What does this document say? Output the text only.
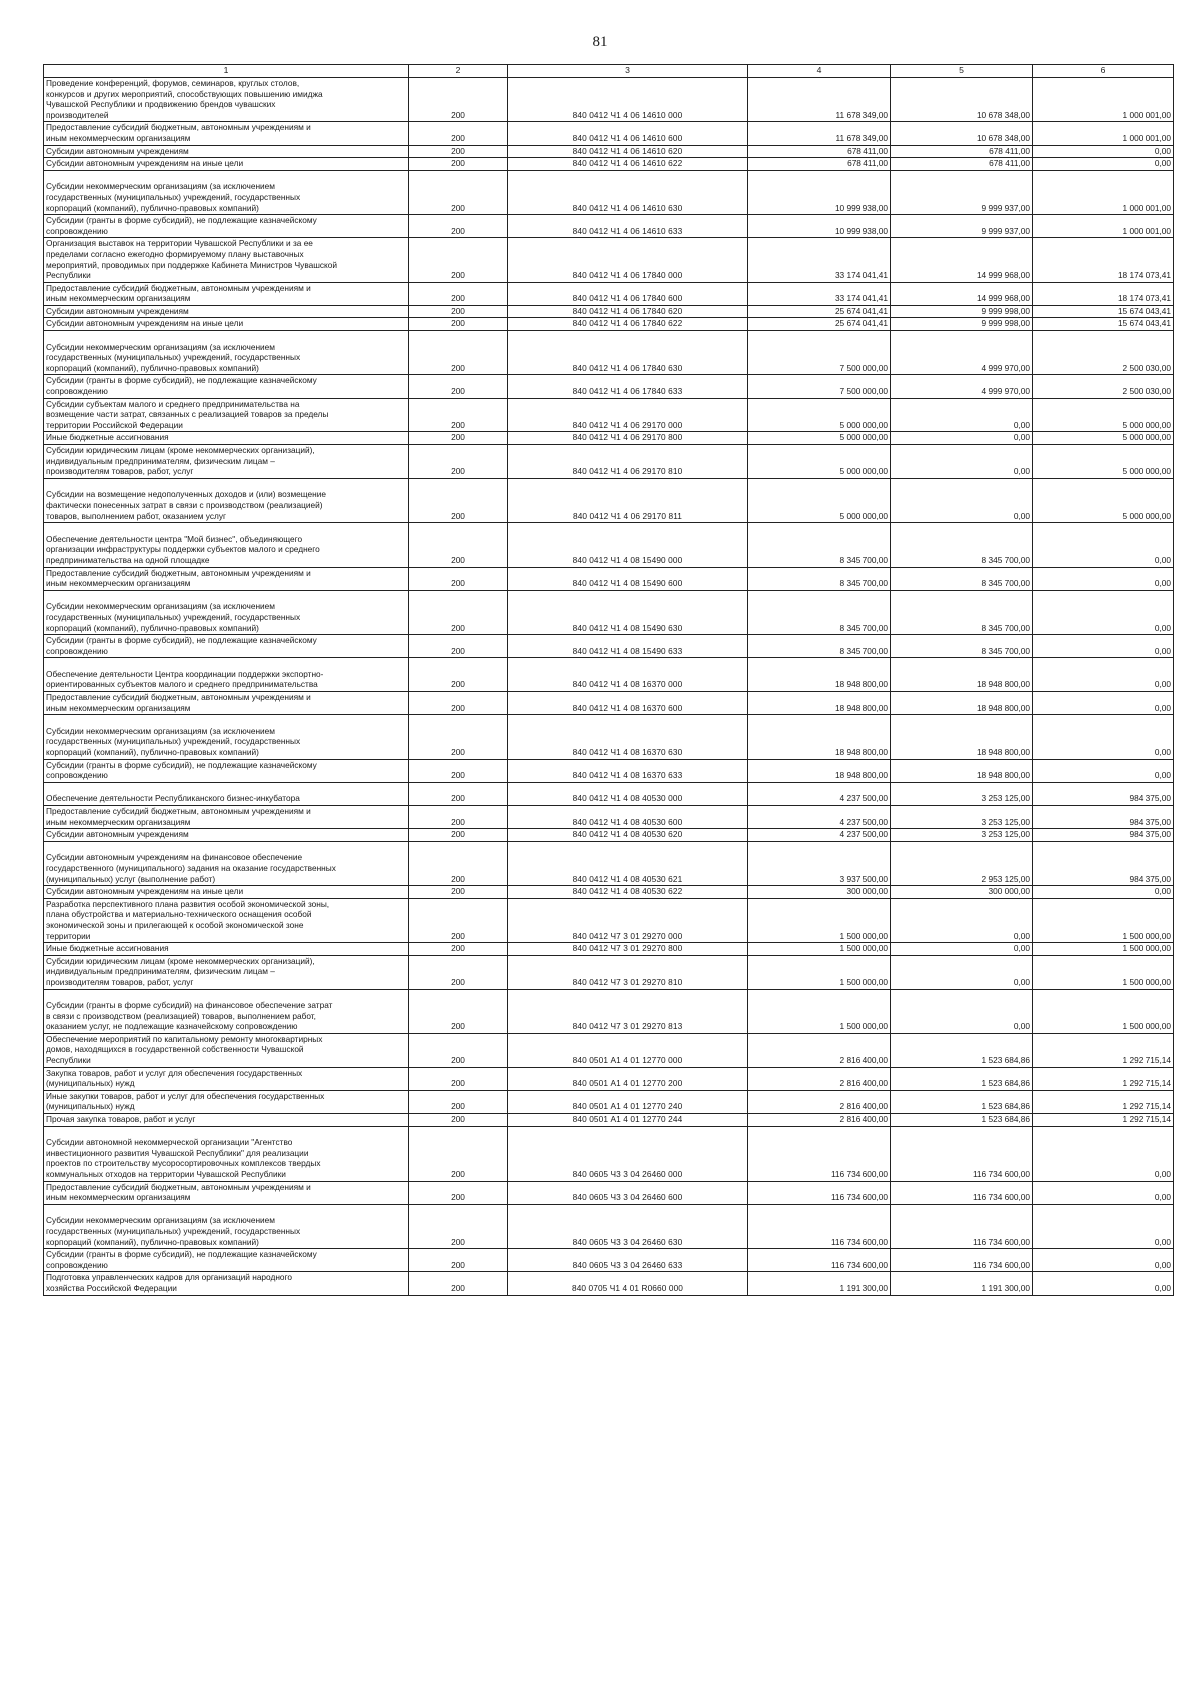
81
1	2	3	4	5	6
Проведение конференций, форумов, семинаров, круглых столов,
конкурсов и других мероприятий, способствующих повышению имиджа
Чувашской Республики и продвижению брендов чувашских
производителей	200	840 0412 Ч1 4 06 14610 000	11 678 349,00	10 678 348,00	1 000 001,00
Предоставление субсидий бюджетным, автономным учреждениям и
иным некоммерческим организациям	200	840 0412 Ч1 4 06 14610 600	11 678 349,00	10 678 348,00	1 000 001,00
Субсидии автономным учреждениям	200	840 0412 Ч1 4 06 14610 620	678 411,00	678 411,00	0,00
Субсидии автономным учреждениям на иные цели	200	840 0412 Ч1 4 06 14610 622	678 411,00	678 411,00	0,00

Субсидии некоммерческим организациям (за исключением
государственных (муниципальных) учреждений, государственных
корпораций (компаний), публично-правовых компаний)	200	840 0412 Ч1 4 06 14610 630	10 999 938,00	9 999 937,00	1 000 001,00
Субсидии (гранты в форме субсидий), не подлежащие казначейскому
сопровождению	200	840 0412 Ч1 4 06 14610 633	10 999 938,00	9 999 937,00	1 000 001,00
Организация выставок на территории Чувашской Республики и за ее
пределами согласно ежегодно формируемому плану выставочных
мероприятий, проводимых при поддержке Кабинета Министров Чувашской
Республики	200	840 0412 Ч1 4 06 17840 000	33 174 041,41	14 999 968,00	18 174 073,41
Предоставление субсидий бюджетным, автономным учреждениям и
иным некоммерческим организациям	200	840 0412 Ч1 4 06 17840 600	33 174 041,41	14 999 968,00	18 174 073,41
Субсидии автономным учреждениям	200	840 0412 Ч1 4 06 17840 620	25 674 041,41	9 999 998,00	15 674 043,41
Субсидии автономным учреждениям на иные цели	200	840 0412 Ч1 4 06 17840 622	25 674 041,41	9 999 998,00	15 674 043,41

Субсидии некоммерческим организациям (за исключением
государственных (муниципальных) учреждений, государственных
корпораций (компаний), публично-правовых компаний)	200	840 0412 Ч1 4 06 17840 630	7 500 000,00	4 999 970,00	2 500 030,00
Субсидии (гранты в форме субсидий), не подлежащие казначейскому
сопровождению	200	840 0412 Ч1 4 06 17840 633	7 500 000,00	4 999 970,00	2 500 030,00
Субсидии субъектам малого и среднего предпринимательства на
возмещение части затрат, связанных с реализацией товаров за пределы
территории Российской Федерации	200	840 0412 Ч1 4 06 29170 000	5 000 000,00	0,00	5 000 000,00
Иные бюджетные ассигнования	200	840 0412 Ч1 4 06 29170 800	5 000 000,00	0,00	5 000 000,00
Субсидии юридическим лицам (кроме некоммерческих организаций),
индивидуальным предпринимателям, физическим лицам –
производителям товаров, работ, услуг	200	840 0412 Ч1 4 06 29170 810	5 000 000,00	0,00	5 000 000,00

Субсидии на возмещение недополученных доходов и (или) возмещение
фактически понесенных затрат в связи с производством (реализацией)
товаров, выполнением работ, оказанием услуг	200	840 0412 Ч1 4 06 29170 811	5 000 000,00	0,00	5 000 000,00

Обеспечение деятельности центра "Мой бизнес", объединяющего
организации инфраструктуры поддержки субъектов малого и среднего
предпринимательства на одной площадке	200	840 0412 Ч1 4 08 15490 000	8 345 700,00	8 345 700,00	0,00
Предоставление субсидий бюджетным, автономным учреждениям и
иным некоммерческим организациям	200	840 0412 Ч1 4 08 15490 600	8 345 700,00	8 345 700,00	0,00

Субсидии некоммерческим организациям (за исключением
государственных (муниципальных) учреждений, государственных
корпораций (компаний), публично-правовых компаний)	200	840 0412 Ч1 4 08 15490 630	8 345 700,00	8 345 700,00	0,00
Субсидии (гранты в форме субсидий), не подлежащие казначейскому
сопровождению	200	840 0412 Ч1 4 08 15490 633	8 345 700,00	8 345 700,00	0,00

Обеспечение деятельности Центра координации поддержки экспортно-
ориентированных субъектов малого и среднего предпринимательства	200	840 0412 Ч1 4 08 16370 000	18 948 800,00	18 948 800,00	0,00
Предоставление субсидий бюджетным, автономным учреждениям и
иным некоммерческим организациям	200	840 0412 Ч1 4 08 16370 600	18 948 800,00	18 948 800,00	0,00

Субсидии некоммерческим организациям (за исключением
государственных (муниципальных) учреждений, государственных
корпораций (компаний), публично-правовых компаний)	200	840 0412 Ч1 4 08 16370 630	18 948 800,00	18 948 800,00	0,00
Субсидии (гранты в форме субсидий), не подлежащие казначейскому
сопровождению	200	840 0412 Ч1 4 08 16370 633	18 948 800,00	18 948 800,00	0,00

Обеспечение деятельности Республиканского бизнес-инкубатора	200	840 0412 Ч1 4 08 40530 000	4 237 500,00	3 253 125,00	984 375,00
Предоставление субсидий бюджетным, автономным учреждениям и
иным некоммерческим организациям	200	840 0412 Ч1 4 08 40530 600	4 237 500,00	3 253 125,00	984 375,00
Субсидии автономным учреждениям	200	840 0412 Ч1 4 08 40530 620	4 237 500,00	3 253 125,00	984 375,00

Субсидии автономным учреждениям на финансовое обеспечение
государственного (муниципального) задания на оказание государственных
(муниципальных) услуг (выполнение работ)	200	840 0412 Ч1 4 08 40530 621	3 937 500,00	2 953 125,00	984 375,00
Субсидии автономным учреждениям на иные цели	200	840 0412 Ч1 4 08 40530 622	300 000,00	300 000,00	0,00
Разработка перспективного плана развития особой экономической зоны,
плана обустройства и материально-технического оснащения особой
экономической зоны и прилегающей к особой экономической зоне
территории	200	840 0412 Ч7 3 01 29270 000	1 500 000,00	0,00	1 500 000,00
Иные бюджетные ассигнования	200	840 0412 Ч7 3 01 29270 800	1 500 000,00	0,00	1 500 000,00
Субсидии юридическим лицам (кроме некоммерческих организаций),
индивидуальным предпринимателям, физическим лицам –
производителям товаров, работ, услуг	200	840 0412 Ч7 3 01 29270 810	1 500 000,00	0,00	1 500 000,00

Субсидии (гранты в форме субсидий) на финансовое обеспечение затрат
в связи с производством (реализацией) товаров, выполнением работ,
оказанием услуг, не подлежащие казначейскому сопровождению	200	840 0412 Ч7 3 01 29270 813	1 500 000,00	0,00	1 500 000,00
Обеспечение мероприятий по капитальному ремонту многоквартирных
домов, находящихся в государственной собственности Чувашской
Республики	200	840 0501 А1 4 01 12770 000	2 816 400,00	1 523 684,86	1 292 715,14
Закупка товаров, работ и услуг для обеспечения государственных
(муниципальных) нужд	200	840 0501 А1 4 01 12770 200	2 816 400,00	1 523 684,86	1 292 715,14
Иные закупки товаров, работ и услуг для обеспечения государственных
(муниципальных) нужд	200	840 0501 А1 4 01 12770 240	2 816 400,00	1 523 684,86	1 292 715,14
Прочая закупка товаров, работ и услуг	200	840 0501 А1 4 01 12770 244	2 816 400,00	1 523 684,86	1 292 715,14

Субсидии автономной некоммерческой организации "Агентство
инвестиционного развития Чувашской Республики" для реализации
проектов по строительству мусоросортировочных комплексов твердых
коммунальных отходов на территории Чувашской Республики	200	840 0605 Ч3 3 04 26460 000	116 734 600,00	116 734 600,00	0,00
Предоставление субсидий бюджетным, автономным учреждениям и
иным некоммерческим организациям	200	840 0605 Ч3 3 04 26460 600	116 734 600,00	116 734 600,00	0,00

Субсидии некоммерческим организациям (за исключением
государственных (муниципальных) учреждений, государственных
корпораций (компаний), публично-правовых компаний)	200	840 0605 Ч3 3 04 26460 630	116 734 600,00	116 734 600,00	0,00
Субсидии (гранты в форме субсидий), не подлежащие казначейскому
сопровождению	200	840 0605 Ч3 3 04 26460 633	116 734 600,00	116 734 600,00	0,00
Подготовка управленческих кадров для организаций народного
хозяйства Российской Федерации	200	840 0705 Ч1 4 01 R0660 000	1 191 300,00	1 191 300,00	0,00
